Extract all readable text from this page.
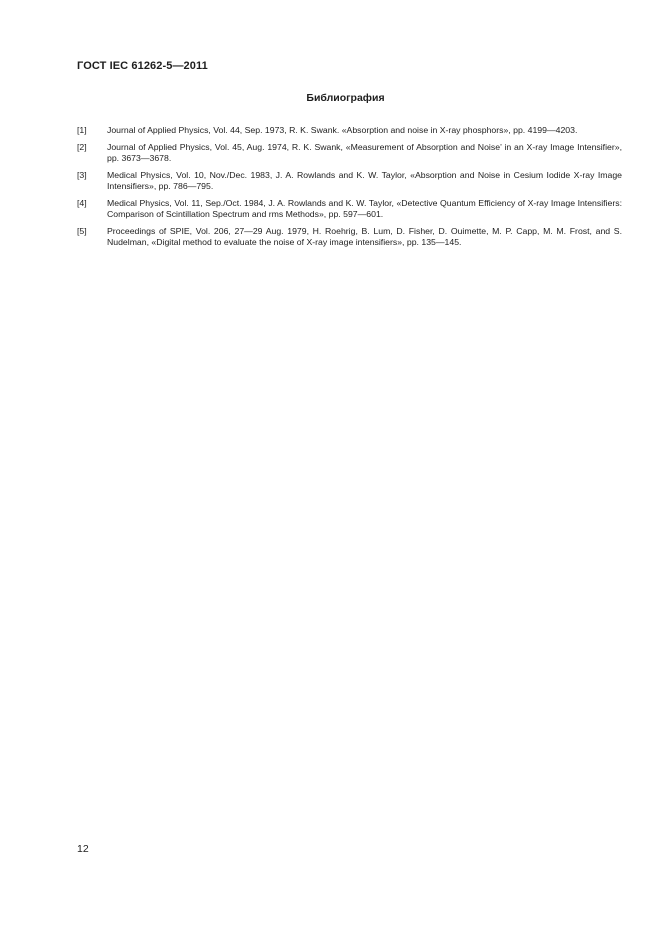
ГОСТ IEC 61262-5—2011
Библиография
[1]	Journal of Applied Physics, Vol. 44, Sep. 1973, R. K. Swank. «Absorption and noise in X-ray phosphors», pp. 4199—4203.
[2]	Journal of Applied Physics, Vol. 45, Aug. 1974, R. K. Swank, «Measurement of Absorption and Noise’ in an X-ray Image Intensifier», pp. 3673—3678.
[3]	Medical Physics, Vol. 10, Nov./Dec. 1983, J. A. Rowlands and K. W. Taylor, «Absorption and Noise in Cesium Iodide X-ray Image Intensifiers», pp. 786—795.
[4]	Medical Physics, Vol. 11, Sep./Oct. 1984, J. A. Rowlands and K. W. Taylor, «Detective Quantum Efficiency of X-ray Image Intensifiers: Comparison of Scintillation Spectrum and rms Methods», pp. 597—601.
[5]	Proceedings of SPIE, Vol. 206, 27—29 Aug. 1979, H. Roehrig, B. Lum, D. Fisher, D. Ouimette, M. P. Capp, M. M. Frost, and S. Nudelman, «Digital method to evaluate the noise of X-ray image intensifiers», pp. 135—145.
12
